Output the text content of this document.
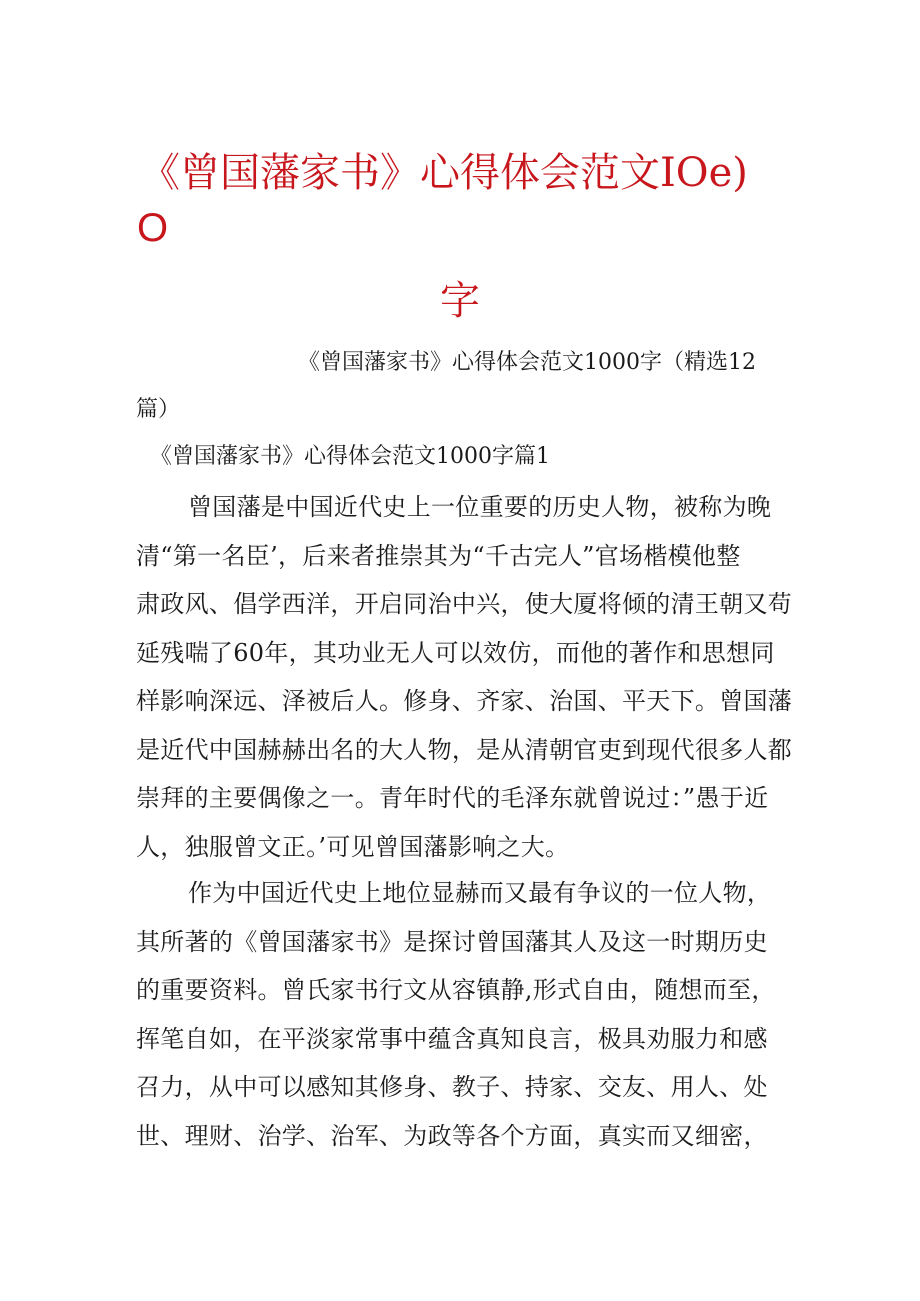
《曾国藩家书》心得体会范文IOe)
O
字
《曾国藩家书》心得体会范文1000字（精选12
篇）
《曾国藩家书》心得体会范文1000字篇1
曾国藩是中国近代史上一位重要的历史人物，被称为晚
清“第一名臣’，后来者推崇其为“千古完人”官场楷模他整
肃政风、倡学西洋，开启同治中兴，使大厦将倾的清王朝又苟
延残喘了60年，其功业无人可以效仿，而他的著作和思想同
样影响深远、泽被后人。修身、齐家、治国、平天下。曾国藩
是近代中国赫赫出名的大人物，是从清朝官吏到现代很多人都
崇拜的主要偶像之一。青年时代的毛泽东就曾说过：”愚于近
人，独服曾文正。’可见曾国藩影响之大。
作为中国近代史上地位显赫而又最有争议的一位人物，
其所著的《曾国藩家书》是探讨曾国藩其人及这一时期历史
的重要资料。曾氏家书行文从容镇静,形式自由，随想而至，
挥笔自如，在平淡家常事中蕴含真知良言，极具劝服力和感
召力，从中可以感知其修身、教子、持家、交友、用人、处
世、理财、治学、治军、为政等各个方面，真实而又细密，
